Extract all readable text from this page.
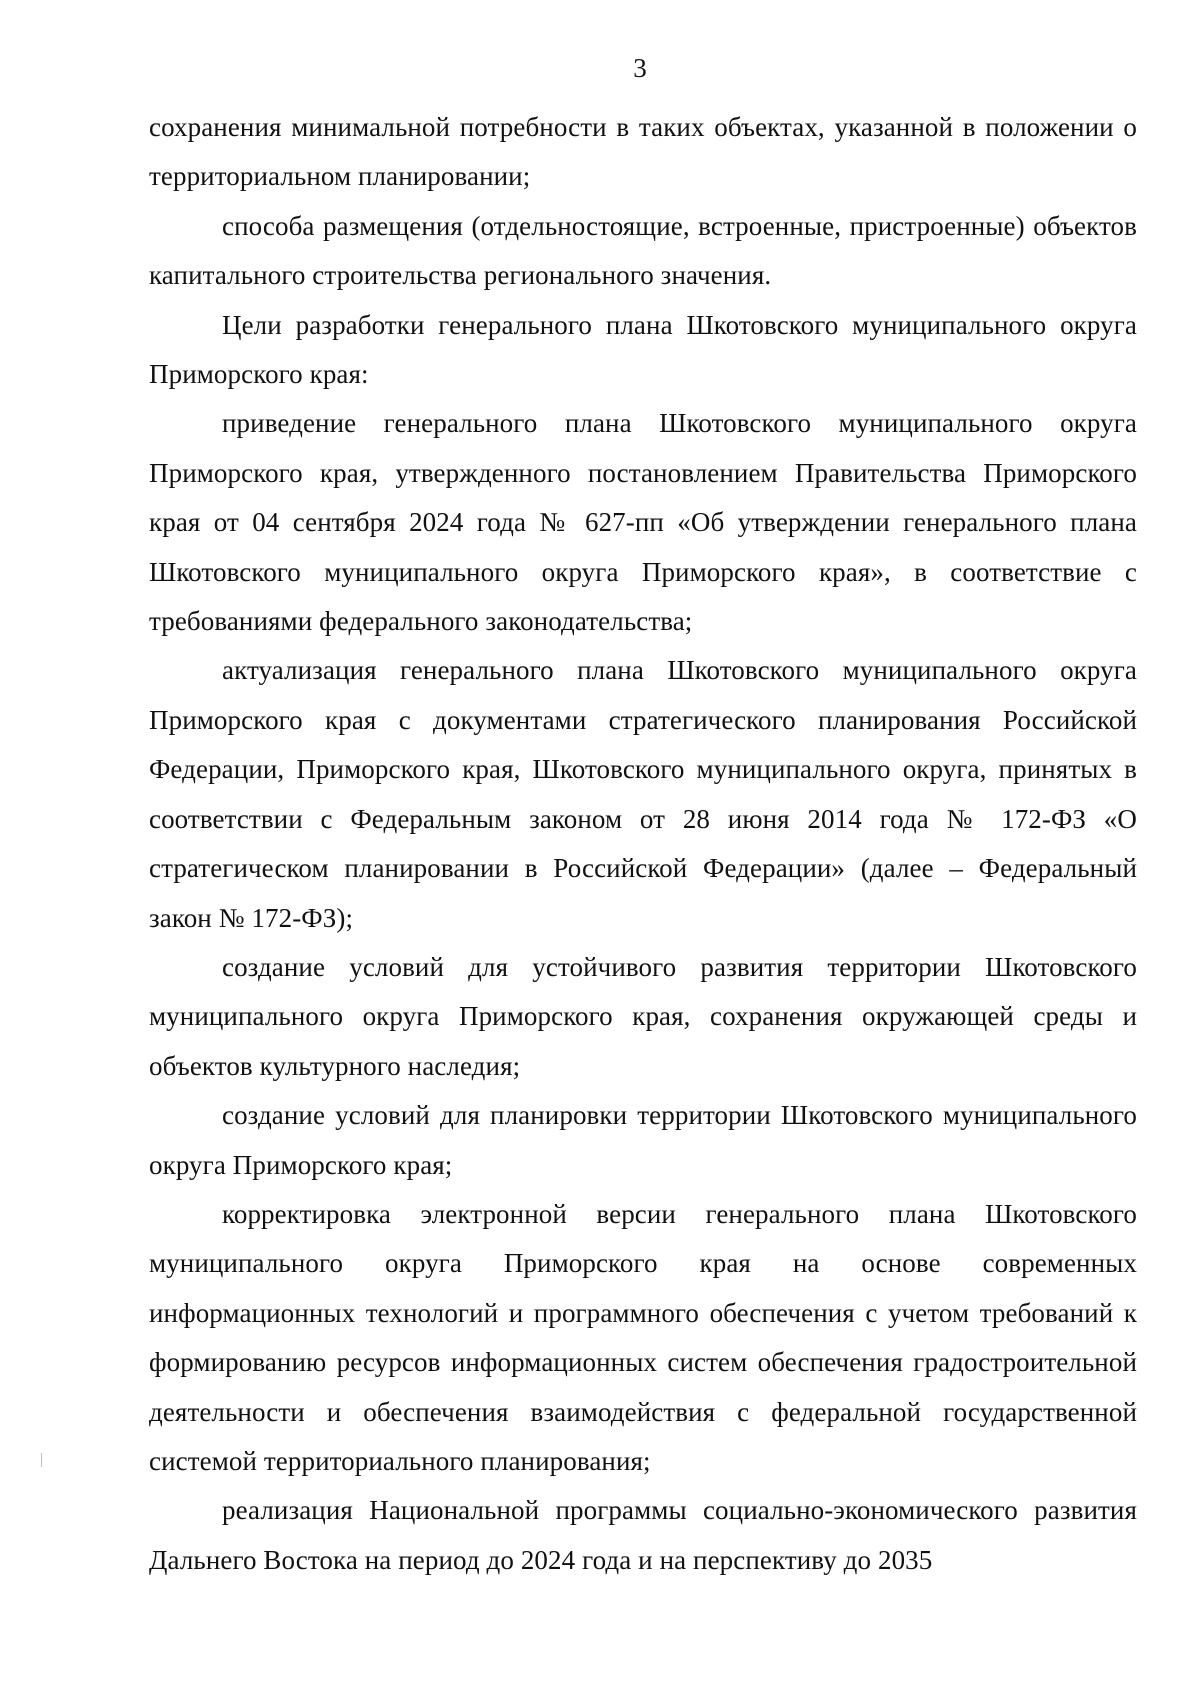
3

сохранения минимальной потребности в таких объектах, указанной в положении о территориальном планировании;

способа размещения (отдельностоящие, встроенные, пристроенные) объектов капитального строительства регионального значения.

Цели разработки генерального плана Шкотовского муниципального округа Приморского края:

приведение генерального плана Шкотовского муниципального округа Приморского края, утвержденного постановлением Правительства Приморского края от 04 сентября 2024 года № 627-пп «Об утверждении генерального плана Шкотовского муниципального округа Приморского края», в соответствие с требованиями федерального законодательства;

актуализация генерального плана Шкотовского муниципального округа Приморского края с документами стратегического планирования Российской Федерации, Приморского края, Шкотовского муниципального округа, принятых в соответствии с Федеральным законом от 28 июня 2014 года № 172-ФЗ «О стратегическом планировании в Российской Федерации» (далее – Федеральный закон № 172-ФЗ);

создание условий для устойчивого развития территории Шкотовского муниципального округа Приморского края, сохранения окружающей среды и объектов культурного наследия;

создание условий для планировки территории Шкотовского муниципального округа Приморского края;

корректировка электронной версии генерального плана Шкотовского муниципального округа Приморского края на основе современных информационных технологий и программного обеспечения с учетом требований к формированию ресурсов информационных систем обеспечения градостроительной деятельности и обеспечения взаимодействия с федеральной государственной системой территориального планирования;

реализация Национальной программы социально-экономического развития Дальнего Востока на период до 2024 года и на перспективу до 2035
